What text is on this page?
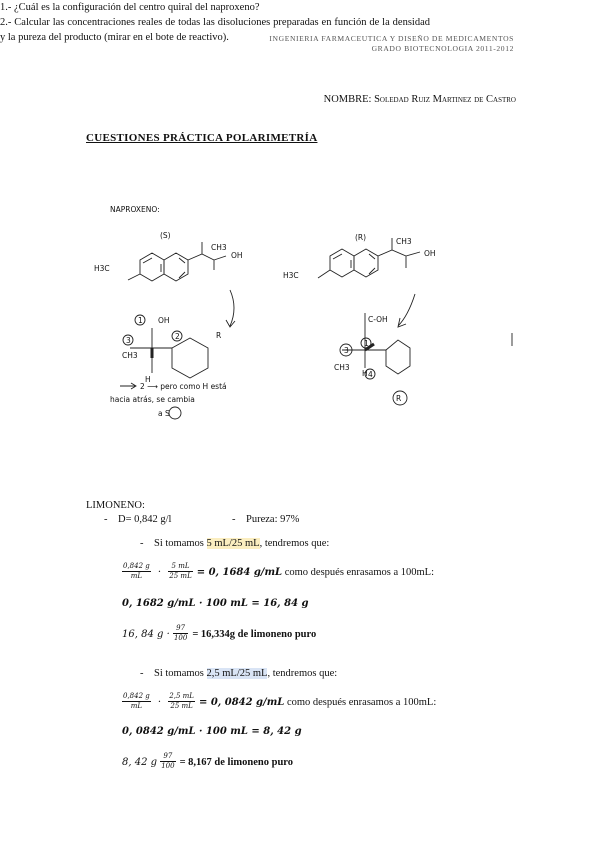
INGENIERIA FARMACEUTICA Y DISEÑO DE MEDICAMENTOS
GRADO BIOTECNOLOGIA 2011-2012
NOMBRE: Soledad Ruiz Martinez de Castro
CUESTIONES PRÁCTICA POLARIMETRÍA
1.- ¿Cuál es la configuración del centro quiral del naproxeno?
NAPROXENO:
(S)	(R)
CH3
OH
H3C
CH3
OH
H3C
1 OH
3	2
CH3
H
R
2 ⟶ pero como H está
hacia atrás, se cambia
a S
C-OH
3
1
CH3
H 4
R
2.- Calcular las concentraciones reales de todas las disoluciones preparadas en función de la densidad y la pureza del producto (mirar en el bote de reactivo).
LIMONENO:
-    D= 0,842 g/l	-    Pureza: 97%
-    Si tomamos 5 mL/25 mL, tendremos que:
$\frac{0,842 g}{mL} \cdot \frac{5 mL}{25 mL} = 0$, 1684 g/mL como después enrasamos a 100mL:
0, 1682 g/mL · 100 mL = 16, 84 g
16, 84 $g \cdot \frac{97}{100} = 16,334g$ de limoneno puro
-    Si tomamos 2,5 mL/25 mL, tendremos que:
$\frac{0,842 g}{mL} \cdot \frac{2,5 mL}{25 mL} = 0$, 0842 g/mL como después enrasamos a 100mL:
0, 0842 g/mL · 100 mL = 8, 42 g
8, 42 g $\frac{97}{100} = 8,167$ de limoneno puro
